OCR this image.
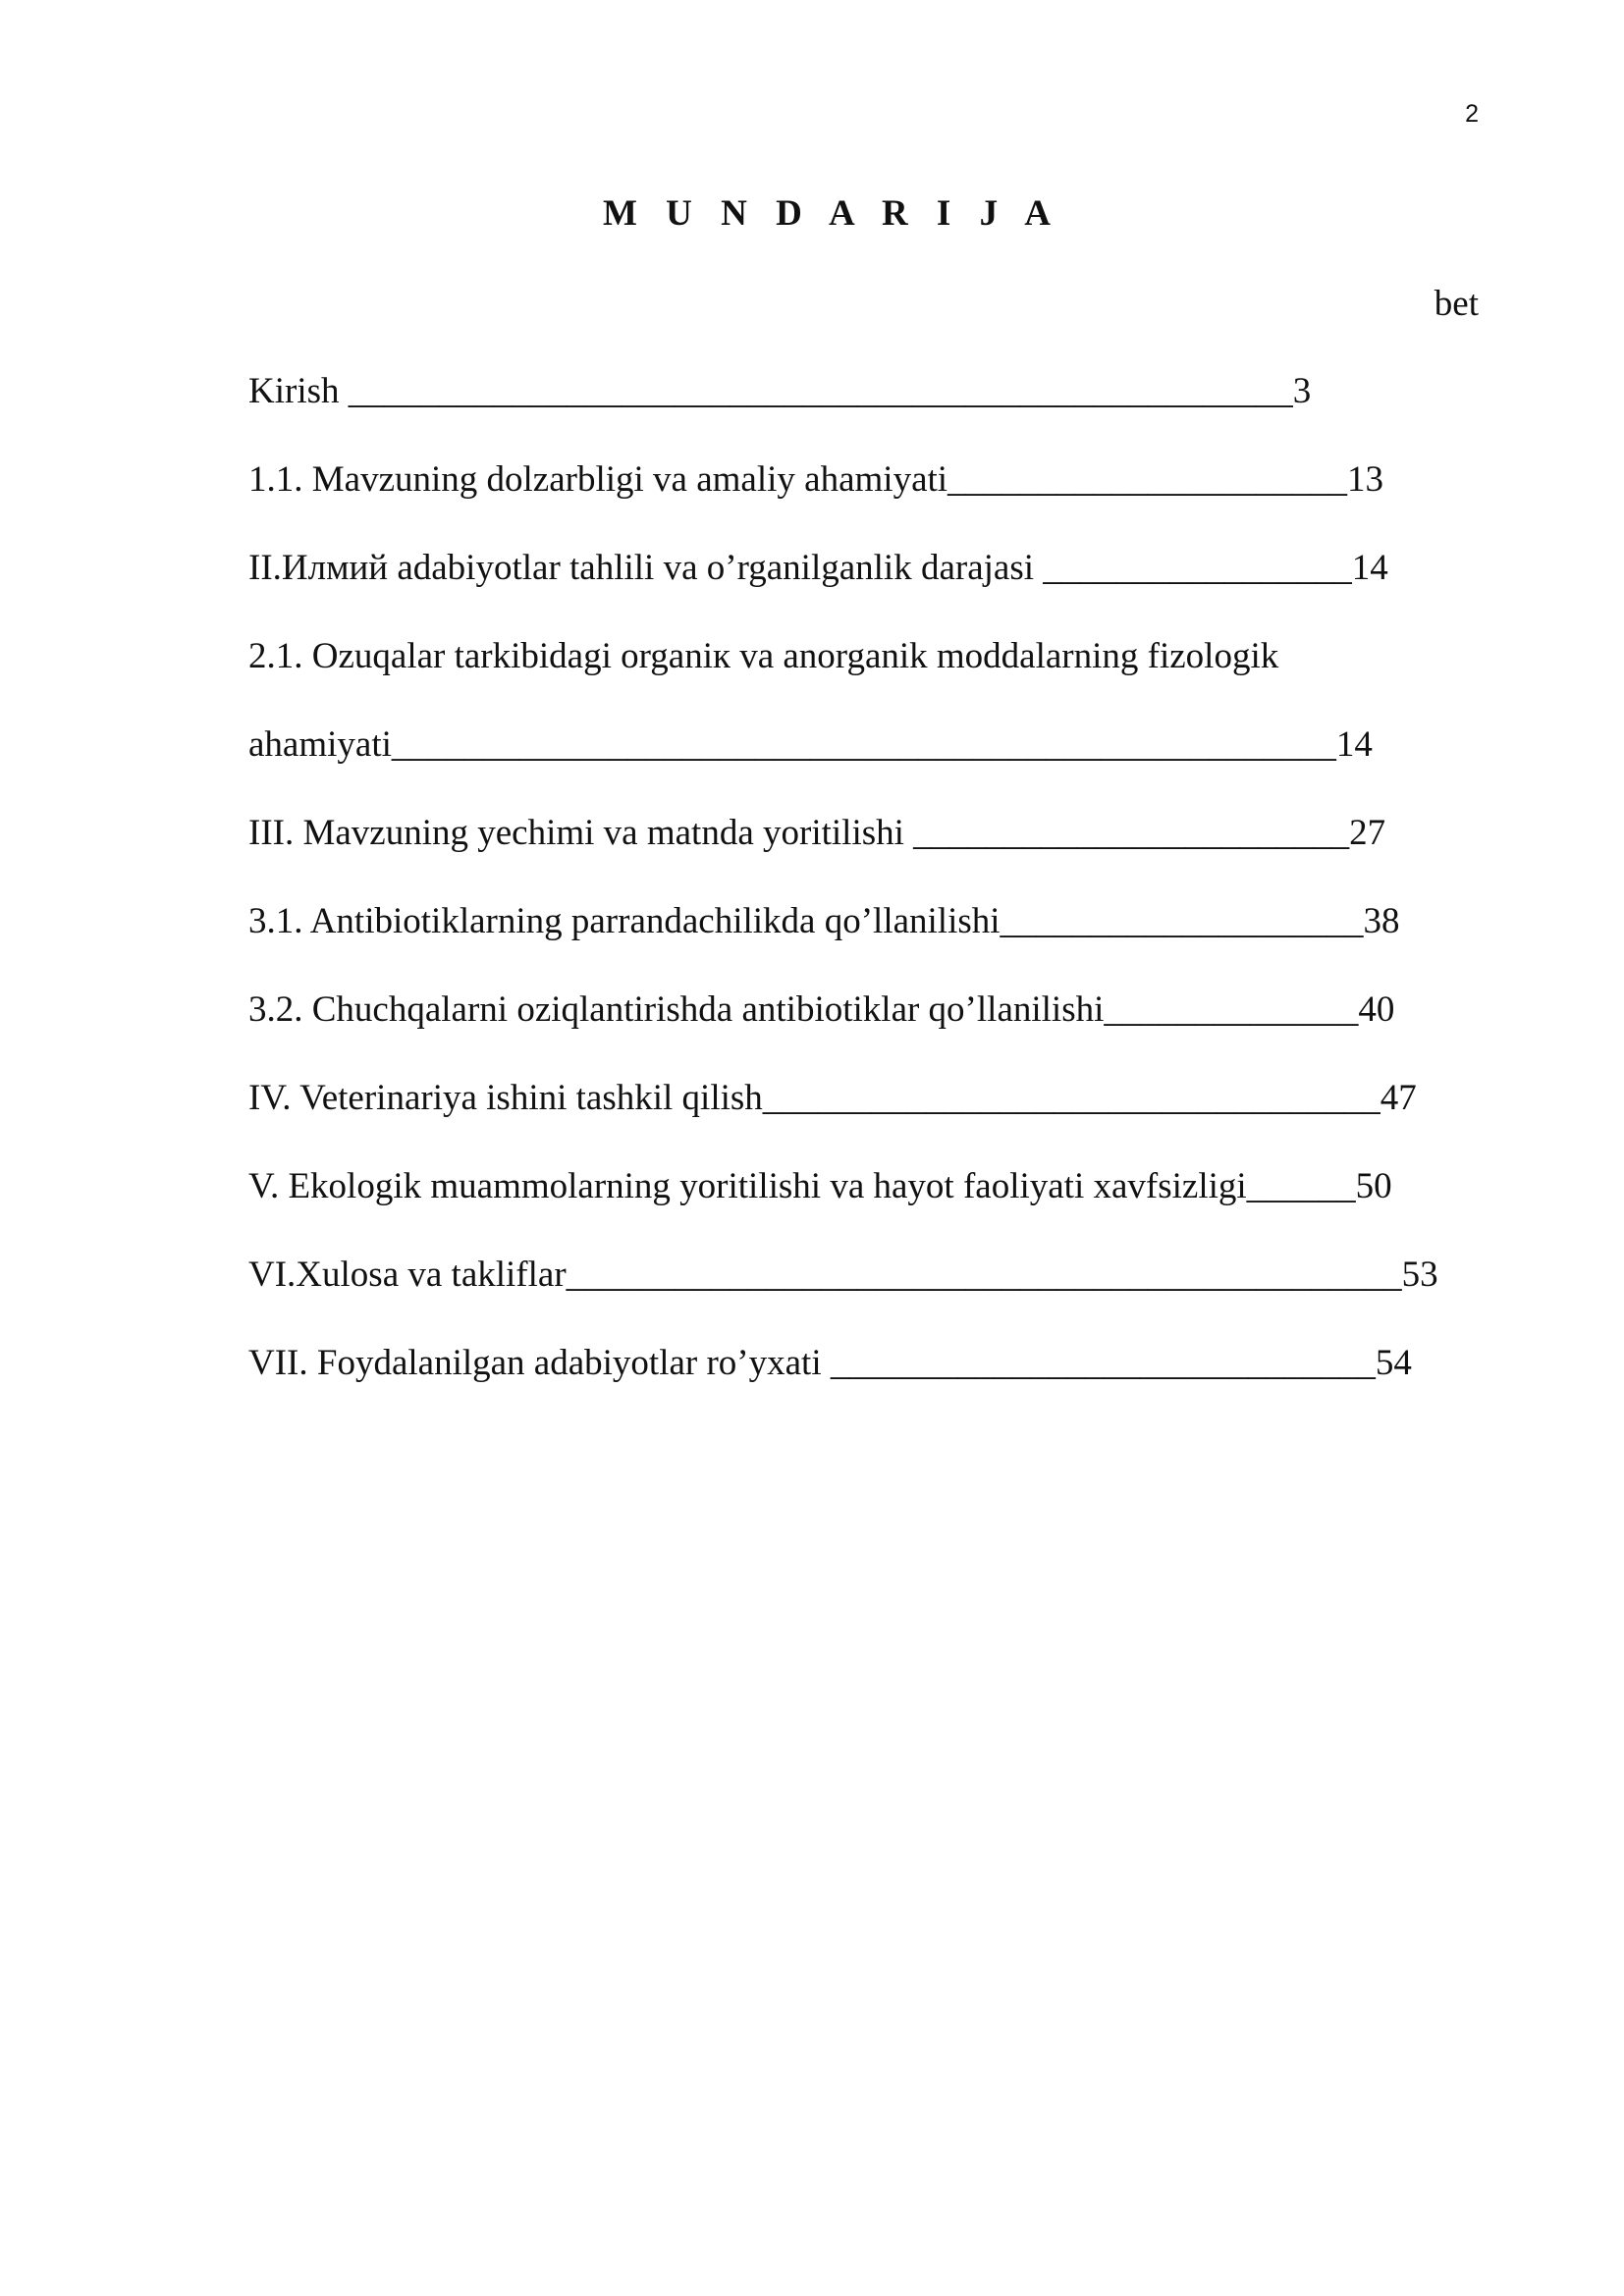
2
M U N D A R I J A
bet
Kirish ____________________________________________________3
1.1. Mavzuning dolzarbligi va amaliy ahamiyati______________________13
II.Илмий adabiyotlar tahlili va o’rganilganlik darajasi _________________14
2.1. Ozuqalar tarkibidagi organiк va anorganik moddalarning fizologik
ahamiyati____________________________________________________14
III. Mavzuning yechimi va matnda yoritilishi ________________________27
3.1. Antibiotiklarning parrandachilikda qo’llanilishi____________________38
3.2. Chuchqalarni oziqlantirishda antibiotiklar qo’llanilishi______________40
IV. Veterinariya ishini tashkil qilish__________________________________47
V. Ekologik muammolarning yoritilishi va hayot faoliyati xavfsizligi______50
VI.Xulosa va takliflar______________________________________________53
VII. Foydalanilgan adabiyotlar ro’yxati ______________________________54
